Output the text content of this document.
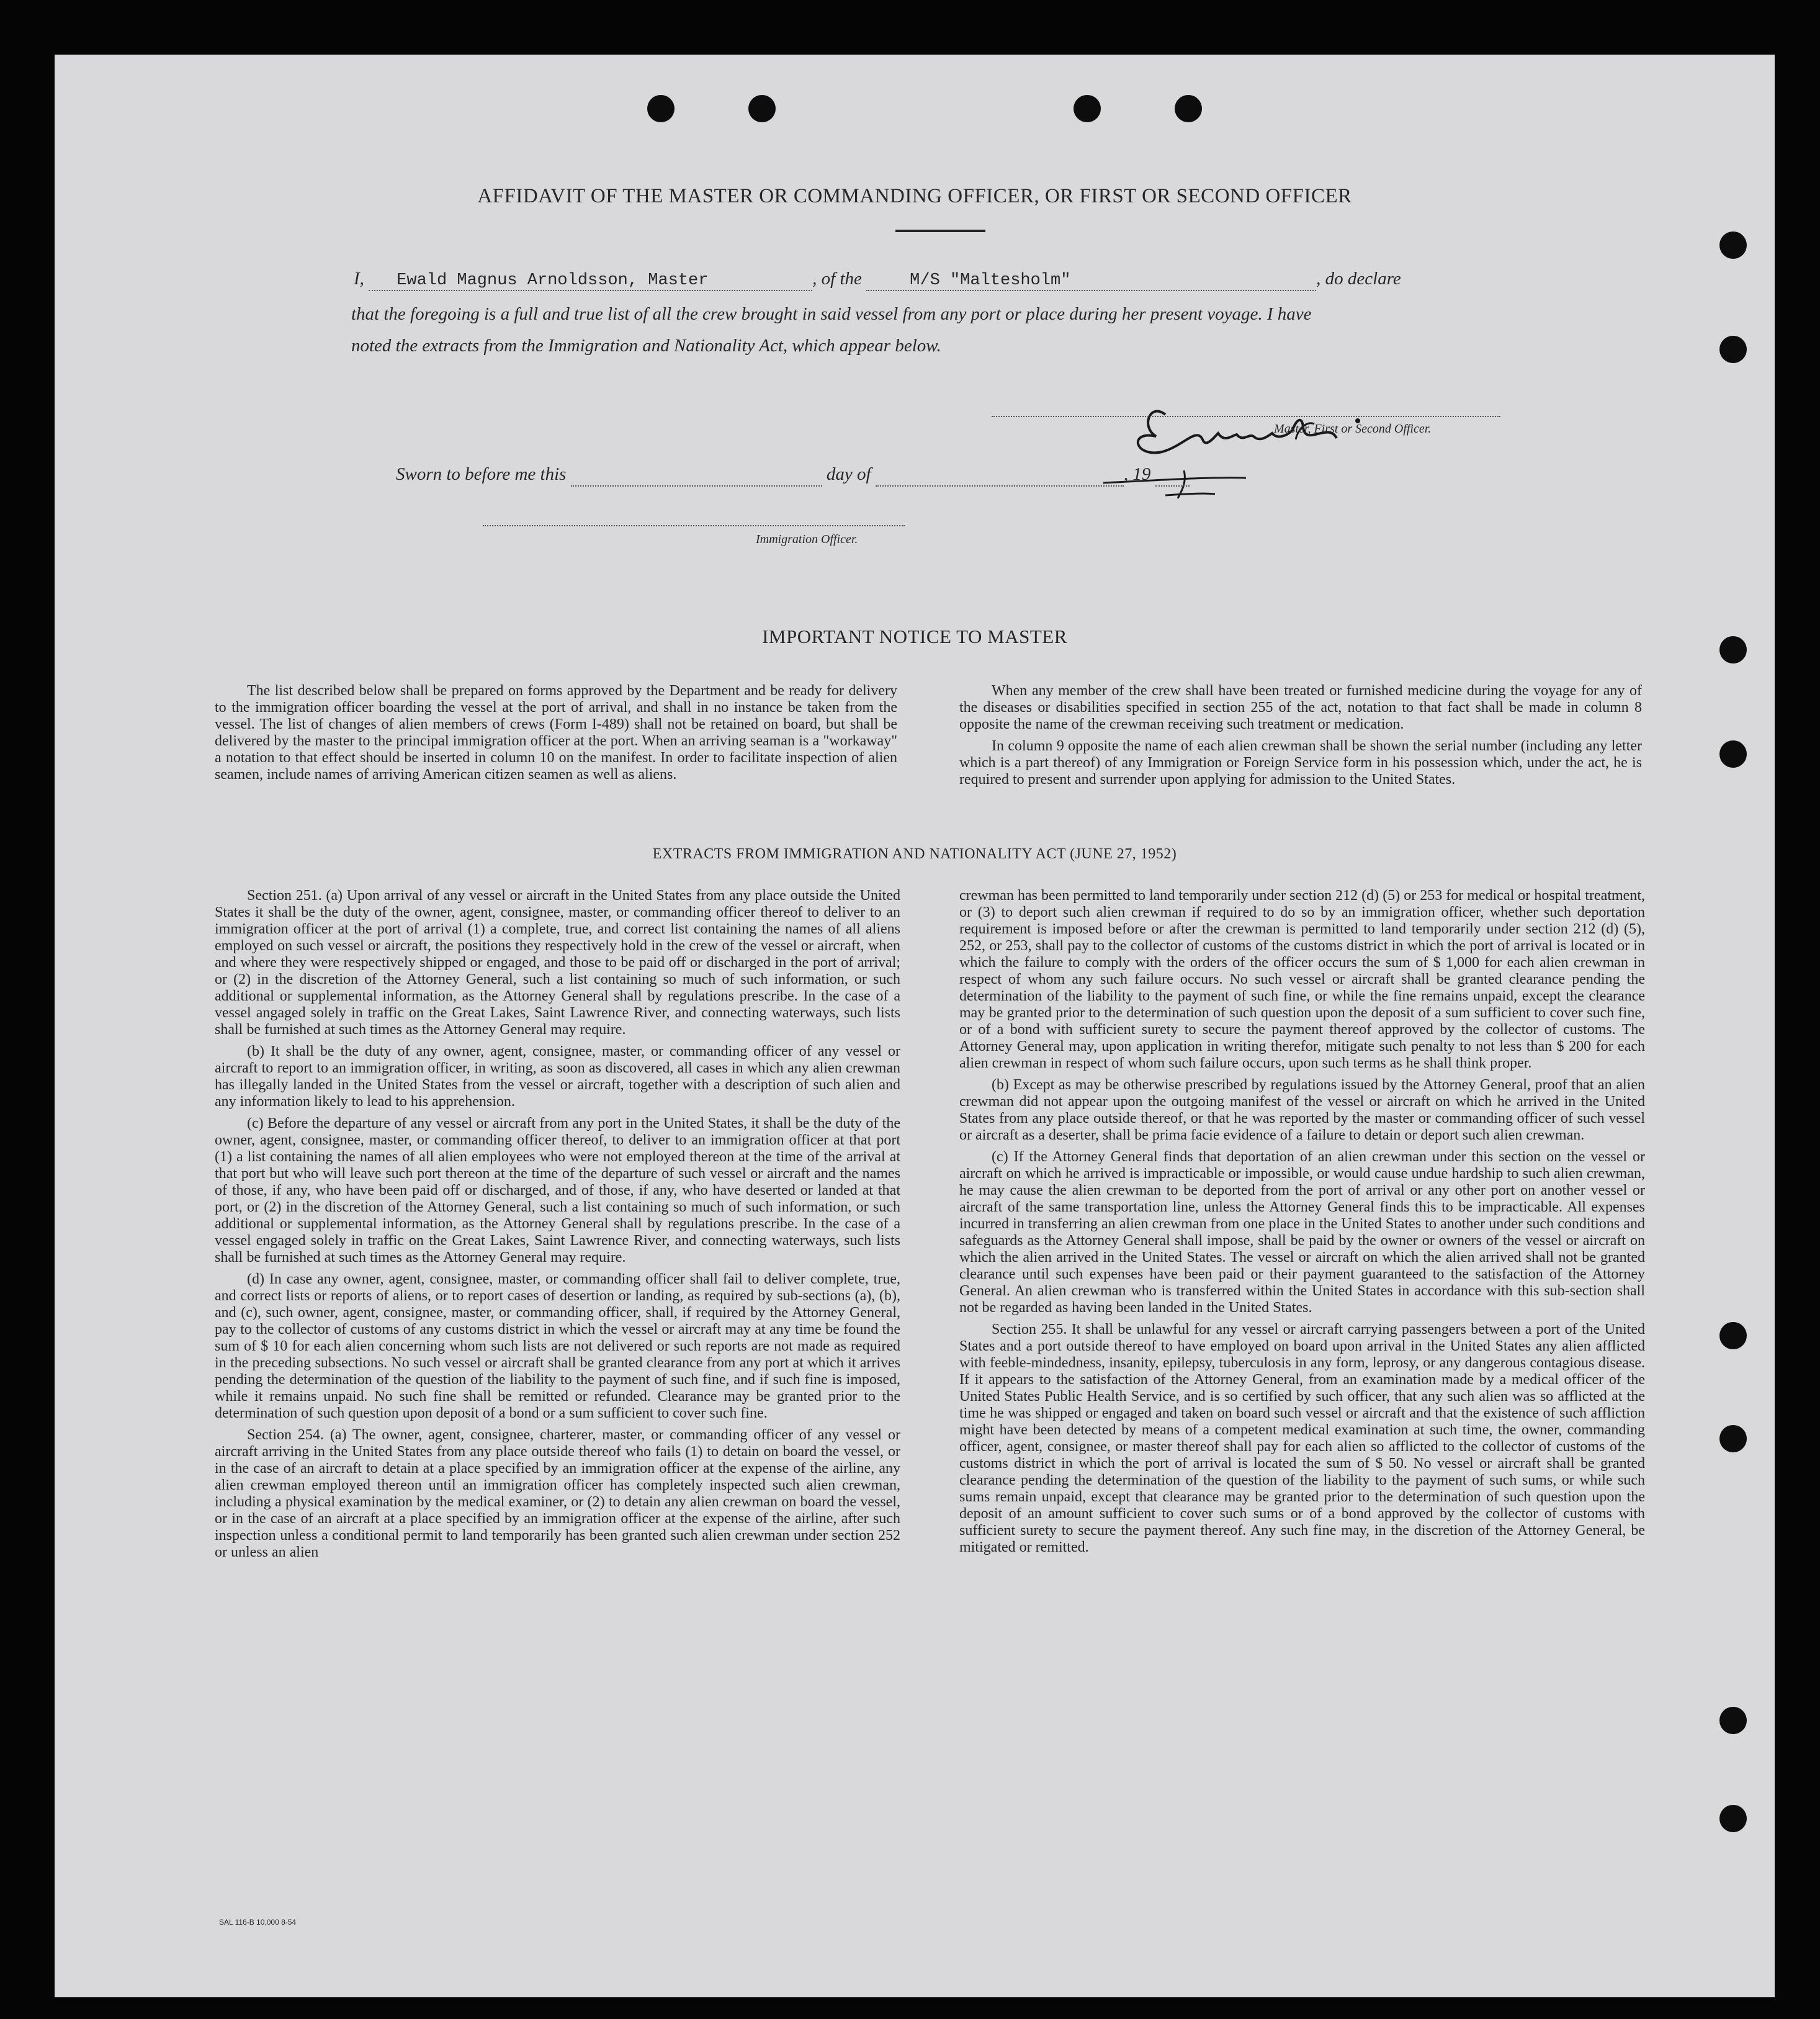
AFFIDAVIT OF THE MASTER OR COMMANDING OFFICER, OR FIRST OR SECOND OFFICER
I, Ewald Magnus Arnoldsson, Master	, of the	M/S "Maltesholm"	, do declare
that the foregoing is a full and true list of all the crew brought in said vessel from any port or place during her present voyage. I have
noted the extracts from the Immigration and Nationality Act, which appear below.
Master, First or Second Officer.
Sworn to before me this	day of	, 19
Immigration Officer.
IMPORTANT NOTICE TO MASTER

The list described below shall be prepared on forms approved by the Department and be ready for delivery to the immigration officer boarding the vessel at the port of arrival, and shall in no instance be taken from the vessel. The list of changes of alien members of crews (Form I-489) shall not be retained on board, but shall be delivered by the master to the principal immigration officer at the port. When an arriving seaman is a "workaway" a notation to that effect should be inserted in column 10 on the manifest. In order to facilitate inspection of alien seamen, include names of arriving American citizen seamen as well as aliens.

When any member of the crew shall have been treated or furnished medicine during the voyage for any of the diseases or disabilities specified in section 255 of the act, notation to that fact shall be made in column 8 opposite the name of the crewman receiving such treatment or medication.

In column 9 opposite the name of each alien crewman shall be shown the serial number (including any letter which is a part thereof) of any Immigration or Foreign Service form in his possession which, under the act, he is required to present and surrender upon applying for admission to the United States.

EXTRACTS FROM IMMIGRATION AND NATIONALITY ACT (JUNE 27, 1952)

Section 251. (a) Upon arrival of any vessel or aircraft in the United States from any place outside the United States it shall be the duty of the owner, agent, consignee, master, or commanding officer thereof to deliver to an immigration officer at the port of arrival (1) a complete, true, and correct list containing the names of all aliens employed on such vessel or aircraft, the positions they respectively hold in the crew of the vessel or aircraft, when and where they were respectively shipped or engaged, and those to be paid off or discharged in the port of arrival; or (2) in the discretion of the Attorney General, such a list containing so much of such information, or such additional or supplemental information, as the Attorney General shall by regulations prescribe. In the case of a vessel angaged solely in traffic on the Great Lakes, Saint Lawrence River, and connecting waterways, such lists shall be furnished at such times as the Attorney General may require.

(b) It shall be the duty of any owner, agent, consignee, master, or commanding officer of any vessel or aircraft to report to an immigration officer, in writing, as soon as discovered, all cases in which any alien crewman has illegally landed in the United States from the vessel or aircraft, together with a description of such alien and any information likely to lead to his apprehension.

(c) Before the departure of any vessel or aircraft from any port in the United States, it shall be the duty of the owner, agent, consignee, master, or commanding officer thereof, to deliver to an immigration officer at that port (1) a list containing the names of all alien employees who were not employed thereon at the time of the arrival at that port but who will leave such port thereon at the time of the departure of such vessel or aircraft and the names of those, if any, who have been paid off or discharged, and of those, if any, who have deserted or landed at that port, or (2) in the discretion of the Attorney General, such a list containing so much of such information, or such additional or supplemental information, as the Attorney General shall by regulations prescribe. In the case of a vessel engaged solely in traffic on the Great Lakes, Saint Lawrence River, and connecting waterways, such lists shall be furnished at such times as the Attorney General may require.

(d) In case any owner, agent, consignee, master, or commanding officer shall fail to deliver complete, true, and correct lists or reports of aliens, or to report cases of desertion or landing, as required by sub-sections (a), (b), and (c), such owner, agent, consignee, master, or commanding officer, shall, if required by the Attorney General, pay to the collector of customs of any customs district in which the vessel or aircraft may at any time be found the sum of $ 10 for each alien concerning whom such lists are not delivered or such reports are not made as required in the preceding subsections. No such vessel or aircraft shall be granted clearance from any port at which it arrives pending the determination of the question of the liability to the payment of such fine, and if such fine is imposed, while it remains unpaid. No such fine shall be remitted or refunded. Clearance may be granted prior to the determination of such question upon deposit of a bond or a sum sufficient to cover such fine.

Section 254. (a) The owner, agent, consignee, charterer, master, or commanding officer of any vessel or aircraft arriving in the United States from any place outside thereof who fails (1) to detain on board the vessel, or in the case of an aircraft to detain at a place specified by an immigration officer at the expense of the airline, any alien crewman employed thereon until an immigration officer has completely inspected such alien crewman, including a physical examination by the medical examiner, or (2) to detain any alien crewman on board the vessel, or in the case of an aircraft at a place specified by an immigration officer at the expense of the airline, after such inspection unless a conditional permit to land temporarily has been granted such alien crewman under section 252 or unless an alien

crewman has been permitted to land temporarily under section 212 (d) (5) or 253 for medical or hospital treatment, or (3) to deport such alien crewman if required to do so by an immigration officer, whether such deportation requirement is imposed before or after the crewman is permitted to land temporarily under section 212 (d) (5), 252, or 253, shall pay to the collector of customs of the customs district in which the port of arrival is located or in which the failure to comply with the orders of the officer occurs the sum of $ 1,000 for each alien crewman in respect of whom any such failure occurs. No such vessel or aircraft shall be granted clearance pending the determination of the liability to the payment of such fine, or while the fine remains unpaid, except the clearance may be granted prior to the determination of such question upon the deposit of a sum sufficient to cover such fine, or of a bond with sufficient surety to secure the payment thereof approved by the collector of customs. The Attorney General may, upon application in writing therefor, mitigate such penalty to not less than $ 200 for each alien crewman in respect of whom such failure occurs, upon such terms as he shall think proper.

(b) Except as may be otherwise prescribed by regulations issued by the Attorney General, proof that an alien crewman did not appear upon the outgoing manifest of the vessel or aircraft on which he arrived in the United States from any place outside thereof, or that he was reported by the master or commanding officer of such vessel or aircraft as a deserter, shall be prima facie evidence of a failure to detain or deport such alien crewman.

(c) If the Attorney General finds that deportation of an alien crewman under this section on the vessel or aircraft on which he arrived is impracticable or impossible, or would cause undue hardship to such alien crewman, he may cause the alien crewman to be deported from the port of arrival or any other port on another vessel or aircraft of the same transportation line, unless the Attorney General finds this to be impracticable. All expenses incurred in transferring an alien crewman from one place in the United States to another under such conditions and safeguards as the Attorney General shall impose, shall be paid by the owner or owners of the vessel or aircraft on which the alien arrived in the United States. The vessel or aircraft on which the alien arrived shall not be granted clearance until such expenses have been paid or their payment guaranteed to the satisfaction of the Attorney General. An alien crewman who is transferred within the United States in accordance with this sub-section shall not be regarded as having been landed in the United States.

Section 255. It shall be unlawful for any vessel or aircraft carrying passengers between a port of the United States and a port outside thereof to have employed on board upon arrival in the United States any alien afflicted with feeble-mindedness, insanity, epilepsy, tuberculosis in any form, leprosy, or any dangerous contagious disease. If it appears to the satisfaction of the Attorney General, from an examination made by a medical officer of the United States Public Health Service, and is so certified by such officer, that any such alien was so afflicted at the time he was shipped or engaged and taken on board such vessel or aircraft and that the existence of such affliction might have been detected by means of a competent medical examination at such time, the owner, commanding officer, agent, consignee, or master thereof shall pay for each alien so afflicted to the collector of customs of the customs district in which the port of arrival is located the sum of $ 50. No vessel or aircraft shall be granted clearance pending the determination of the question of the liability to the payment of such sums, or while such sums remain unpaid, except that clearance may be granted prior to the determination of such question upon the deposit of an amount sufficient to cover such sums or of a bond approved by the collector of customs with sufficient surety to secure the payment thereof. Any such fine may, in the discretion of the Attorney General, be mitigated or remitted.

SAL 116-B 10,000 8-54
